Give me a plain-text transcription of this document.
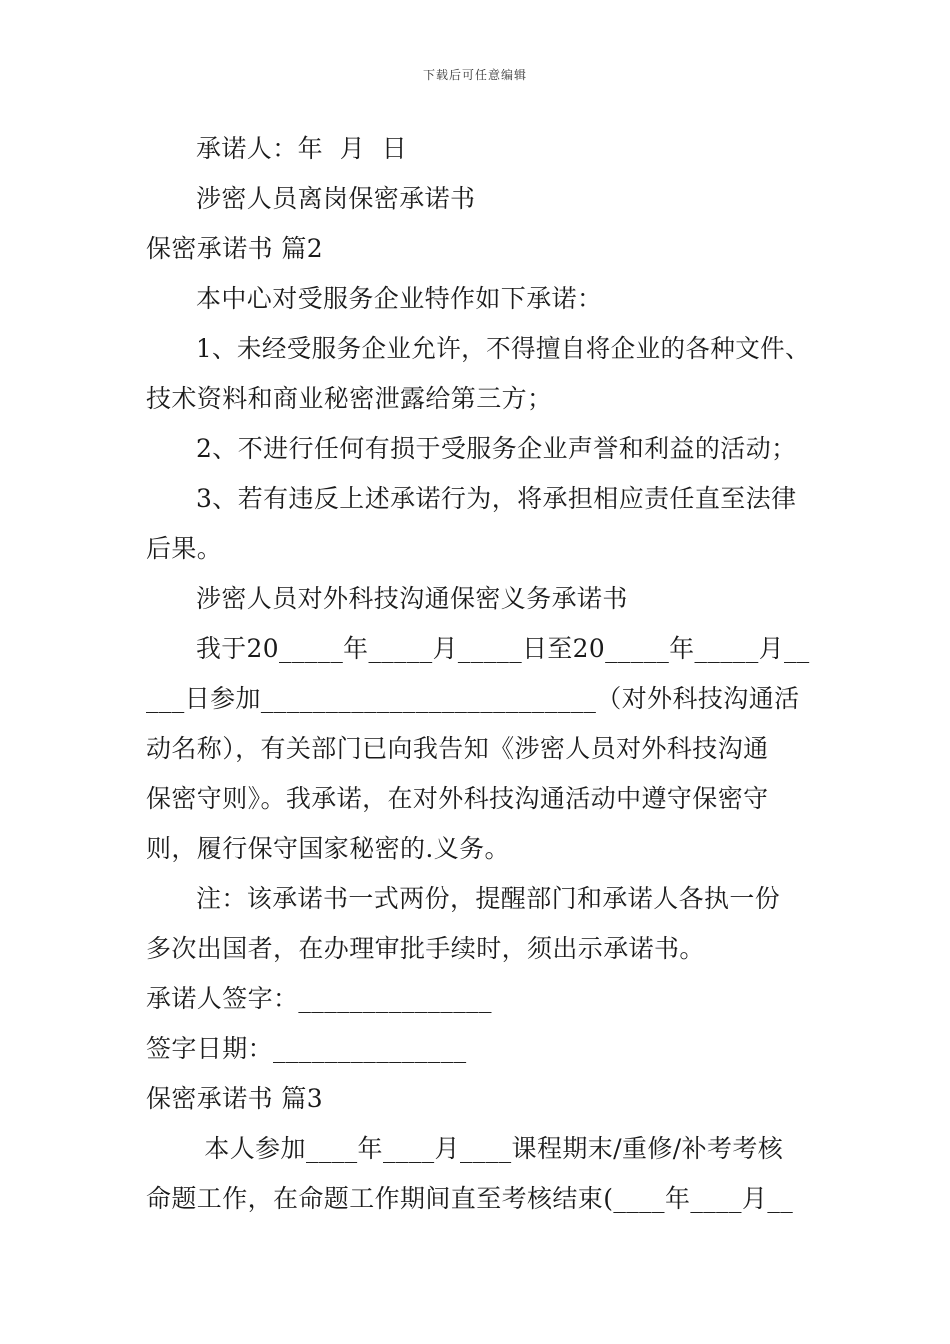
下载后可任意编辑
承诺人：年  月  日
涉密人员离岗保密承诺书
保密承诺书 篇2
本中心对受服务企业特作如下承诺：
1、未经受服务企业允许，不得擅自将企业的各种文件、
技术资料和商业秘密泄露给第三方；
2、不进行任何有损于受服务企业声誉和利益的活动；
3、若有违反上述承诺行为，将承担相应责任直至法律
后果。
涉密人员对外科技沟通保密义务承诺书
我于20_____年_____月_____日至20_____年_____月__
___日参加__________________________（对外科技沟通活
动名称），有关部门已向我告知《涉密人员对外科技沟通
保密守则》。我承诺，在对外科技沟通活动中遵守保密守
则，履行保守国家秘密的.义务。
注：该承诺书一式两份，提醒部门和承诺人各执一份
多次出国者，在办理审批手续时，须出示承诺书。
承诺人签字：_______________
签字日期：_______________
保密承诺书 篇3
本人参加____年____月____课程期末/重修/补考考核
命题工作，在命题工作期间直至考核结束(____年____月__
